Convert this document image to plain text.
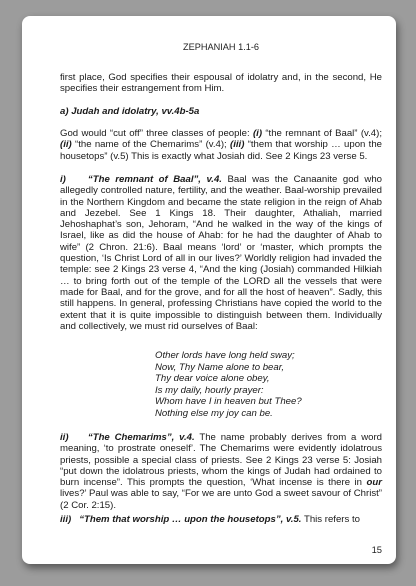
ZEPHANIAH 1.1-6

first place, God specifies their espousal of idolatry and, in the second, He specifies their estrangement from Him.

a) Judah and idolatry, vv.4b-5a

God would “cut off” three classes of people: (i) “the remnant of Baal” (v.4); (ii) “the name of the Chemarims” (v.4); (iii) “them that worship … upon the housetops” (v.5) This is exactly what Josiah did. See 2 Kings 23 verse 5.

i)    “The remnant of Baal”, v.4. Baal was the Canaanite god who allegedly controlled nature, fertility, and the weather. Baal-worship prevailed in the Northern Kingdom and became the state religion in the reign of Ahab and Jezebel. See 1 Kings 18. Their daughter, Athaliah, married Jehoshaphat’s son, Jehoram, “And he walked in the way of the kings of Israel, like as did the house of Ahab: for he had the daughter of Ahab to wife” (2 Chron. 21:6). Baal means ‘lord’ or ‘master, which prompts the question, ‘Is Christ Lord of all in our lives?’ Worldly religion had invaded the temple: see 2 Kings 23 verse 4, “And the king (Josiah) commanded Hilkiah … to bring forth out of the temple of the LORD all the vessels that were made for Baal, and for the grove, and for all the host of heaven”. Sadly, this still happens. In general, professing Christians have copied the world to the extent that it is quite impossible to distinguish between them. Individually and collectively, we must rid ourselves of Baal:

Other lords have long held sway;
Now, Thy Name alone to bear,
Thy dear voice alone obey,
Is my daily, hourly prayer:
Whom have I in heaven but Thee?
Nothing else my joy can be.

ii)    “The Chemarims”, v.4. The name probably derives from a word meaning, ‘to prostrate oneself’. The Chemarims were evidently idolatrous priests, possible a special class of priests. See 2 Kings 23 verse 5: Josiah “put down the idolatrous priests, whom the kings of Judah had ordained to burn incense”. This prompts the question, ‘What incense is there in our lives?’ Paul was able to say, “For we are unto God a sweet savour of Christ” (2 Cor. 2:15).

iii)   “Them that worship … upon the housetops”, v.5. This refers to

15
